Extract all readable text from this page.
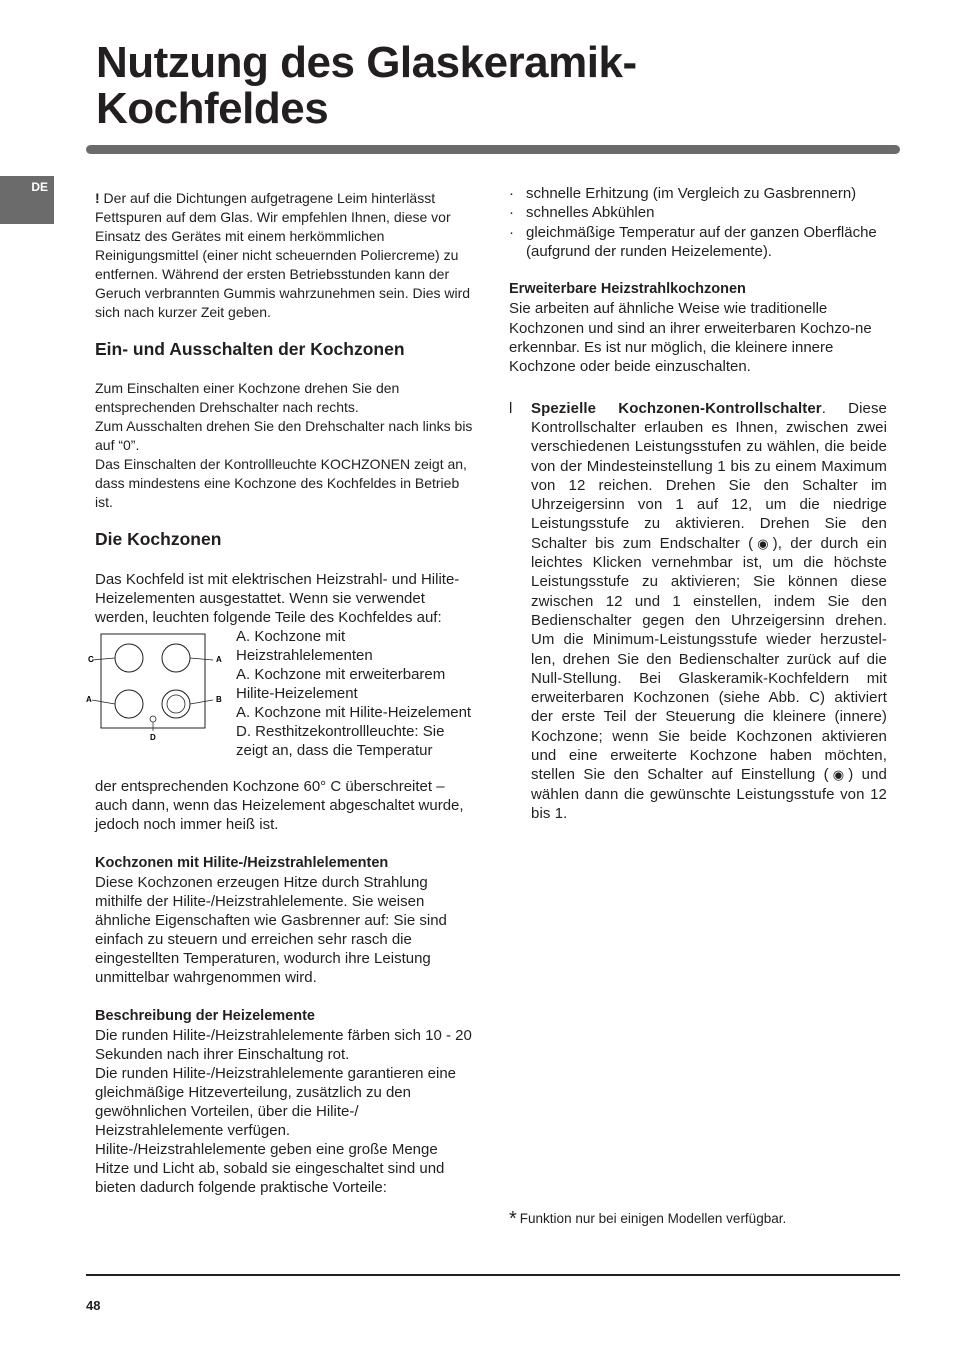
Nutzung des Glaskeramik-
Kochfeldes
DE

! Der auf die Dichtungen aufgetragene Leim hinterlässt Fettspuren auf dem Glas. Wir empfehlen Ihnen, diese vor Einsatz des Gerätes mit einem herkömmlichen Reinigungsmittel (einer nicht scheuernden Poliercreme) zu entfernen. Während der ersten Betriebsstunden kann der Geruch verbrannten Gummis wahrzunehmen sein. Dies wird sich nach kurzer Zeit geben.

Ein- und Ausschalten der Kochzonen

Zum Einschalten einer Kochzone drehen Sie den entsprechenden Drehschalter nach rechts.

Zum Ausschalten drehen Sie den Drehschalter nach links bis auf “0”.

Das Einschalten der Kontrollleuchte KOCHZONEN zeigt an, dass mindestens eine Kochzone des Kochfeldes in Betrieb ist.

Die Kochzonen

Das Kochfeld ist mit elektrischen Heizstrahl- und Hilite-Heizelementen ausgestattet. Wenn sie verwendet werden, leuchten folgende Teile des Kochfeldes auf:

C	A
A	B
D

A. Kochzone mit Heizstrahlelementen

A. Kochzone mit erweiterbarem Hilite-Heizelement

A. Kochzone mit Hilite-Heizelement

D. Resthitzekontrollleuchte: Sie zeigt an, dass die Temperatur

der entsprechenden Kochzone 60° C überschreitet – auch dann, wenn das Heizelement abgeschaltet wurde, jedoch noch immer heiß ist.

Kochzonen mit Hilite-/Heizstrahlelementen

Diese Kochzonen erzeugen Hitze durch Strahlung mithilfe der Hilite-/Heizstrahlelemente. Sie weisen ähnliche Eigenschaften wie Gasbrenner auf: Sie sind einfach zu steuern und erreichen sehr rasch die eingestellten Temperaturen, wodurch ihre Leistung unmittelbar wahrgenommen wird.

Beschreibung der Heizelemente

Die runden Hilite-/Heizstrahlelemente färben sich 10 - 20 Sekunden nach ihrer Einschaltung rot.

Die runden Hilite-/Heizstrahlelemente garantieren eine gleichmäßige Hitzeverteilung, zusätzlich zu den gewöhnlichen Vorteilen, über die Hilite-/ Heizstrahlelemente verfügen.

Hilite-/Heizstrahlelemente geben eine große Menge Hitze und Licht ab, sobald sie eingeschaltet sind und bieten dadurch folgende praktische Vorteile:

· schnelle Erhitzung (im Vergleich zu Gasbrennern)
· schnelles Abkühlen
· gleichmäßige Temperatur auf der ganzen Oberfläche (aufgrund der runden Heizelemente).
Erweiterbare Heizstrahlkochzonen

Sie arbeiten auf ähnliche Weise wie traditionelle Kochzonen und sind an ihrer erweiterbaren Kochzo-ne erkennbar. Es ist nur möglich, die kleinere innere Kochzone oder beide einzuschalten.

l Spezielle Kochzonen-Kontrollschalter. Diese Kontrollschalter erlauben es Ihnen, zwischen zwei verschiedenen Leistungsstufen zu wählen, die beide von der Mindesteinstellung 1 bis zu einem Maximum von 12 reichen. Drehen Sie den Schalter im Uhrzeigersinn von 1 auf 12, um die niedrige Leistungsstufe zu aktivieren. Drehen Sie den Schalter bis zum Endschalter (◉), der durch ein leichtes Klicken vernehmbar ist, um die höchste Leistungsstufe zu aktivieren; Sie können diese zwischen 12 und 1 einstellen, indem Sie den Bedienschalter gegen den Uhrzeigersinn drehen. Um die Minimum-Leistungsstufe wieder herzustel-len, drehen Sie den Bedienschalter zurück auf die Null-Stellung. Bei Glaskeramik-Kochfeldern mit erweiterbaren Kochzonen (siehe Abb. C) aktiviert der erste Teil der Steuerung die kleinere (innere) Kochzone; wenn Sie beide Kochzonen aktivieren und eine erweiterte Kochzone haben möchten, stellen Sie den Schalter auf Einstellung (◉) und wählen dann die gewünschte Leistungsstufe von 12 bis 1.

* Funktion nur bei einigen Modellen verfügbar.
48
